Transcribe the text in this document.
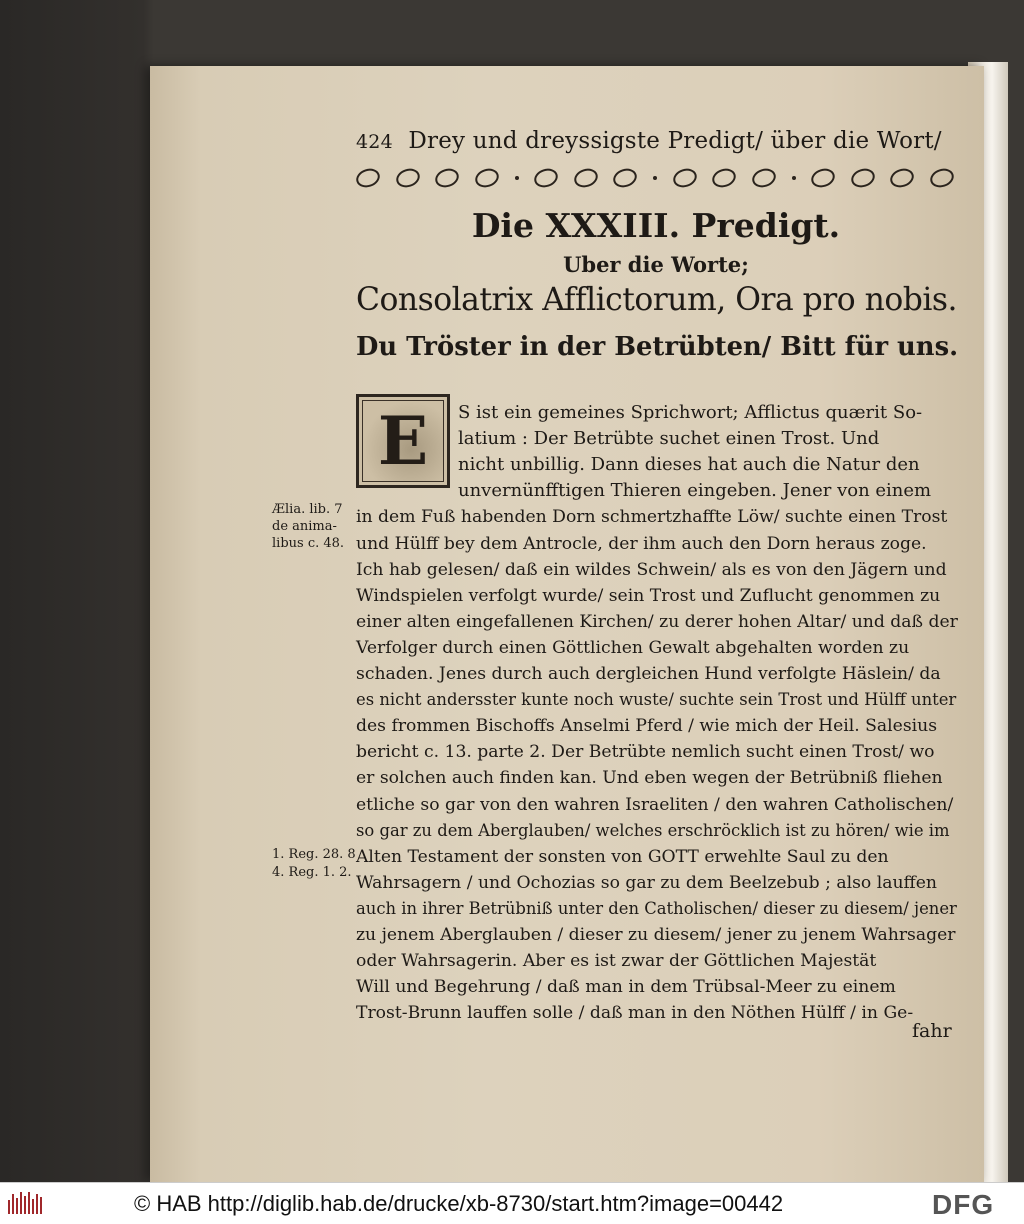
424 Drey und dreyssigste Predigt/ über die Wort/
Die XXXIII. Predigt.
Uber die Worte;
Consolatrix Afflictorum, Ora pro nobis.
Du Tröster in der Betrübten/ Bitt für uns.
E	S ist ein gemeines Sprichwort; Afflictus quærit So-
latium : Der Betrübte suchet einen Trost. Und
nicht unbillig. Dann dieses hat auch die Natur den
unvernünfftigen Thieren eingeben. Jener von einem
in dem Fuß habenden Dorn schmertzhaffte Löw/ suchte einen Trost
und Hülff bey dem Antrocle, der ihm auch den Dorn heraus zoge.
Ich hab gelesen/ daß ein wildes Schwein/ als es von den Jägern und
Windspielen verfolgt wurde/ sein Trost und Zuflucht genommen zu
einer alten eingefallenen Kirchen/ zu derer hohen Altar/ und daß der
Verfolger durch einen Göttlichen Gewalt abgehalten worden zu
schaden. Jenes durch auch dergleichen Hund verfolgte Häslein/ da
es nicht andersster kunte noch wuste/ suchte sein Trost und Hülff unter
des frommen Bischoffs Anselmi Pferd / wie mich der Heil. Salesius
bericht c. 13. parte 2. Der Betrübte nemlich sucht einen Trost/ wo
er solchen auch finden kan. Und eben wegen der Betrübniß fliehen
etliche so gar von den wahren Israeliten / den wahren Catholischen/
so gar zu dem Aberglauben/ welches erschröcklich ist zu hören/ wie im
Alten Testament der sonsten von GOTT erwehlte Saul zu den
Wahrsagern / und Ochozias so gar zu dem Beelzebub ; also lauffen
auch in ihrer Betrübniß unter den Catholischen/ dieser zu diesem/ jener
zu jenem Aberglauben / dieser zu diesem/ jener zu jenem Wahrsager
oder Wahrsagerin. Aber es ist zwar der Göttlichen Majestät
Will und Begehrung / daß man in dem Trübsal-Meer zu einem
Trost-Brunn lauffen solle / daß man in den Nöthen Hülff / in Ge-
Ælia. lib. 7
de anima-
libus c. 48.
1. Reg. 28. 8
4. Reg. 1. 2.
fahr
© HAB http://diglib.hab.de/drucke/xb-8730/start.htm?image=00442	DFG
